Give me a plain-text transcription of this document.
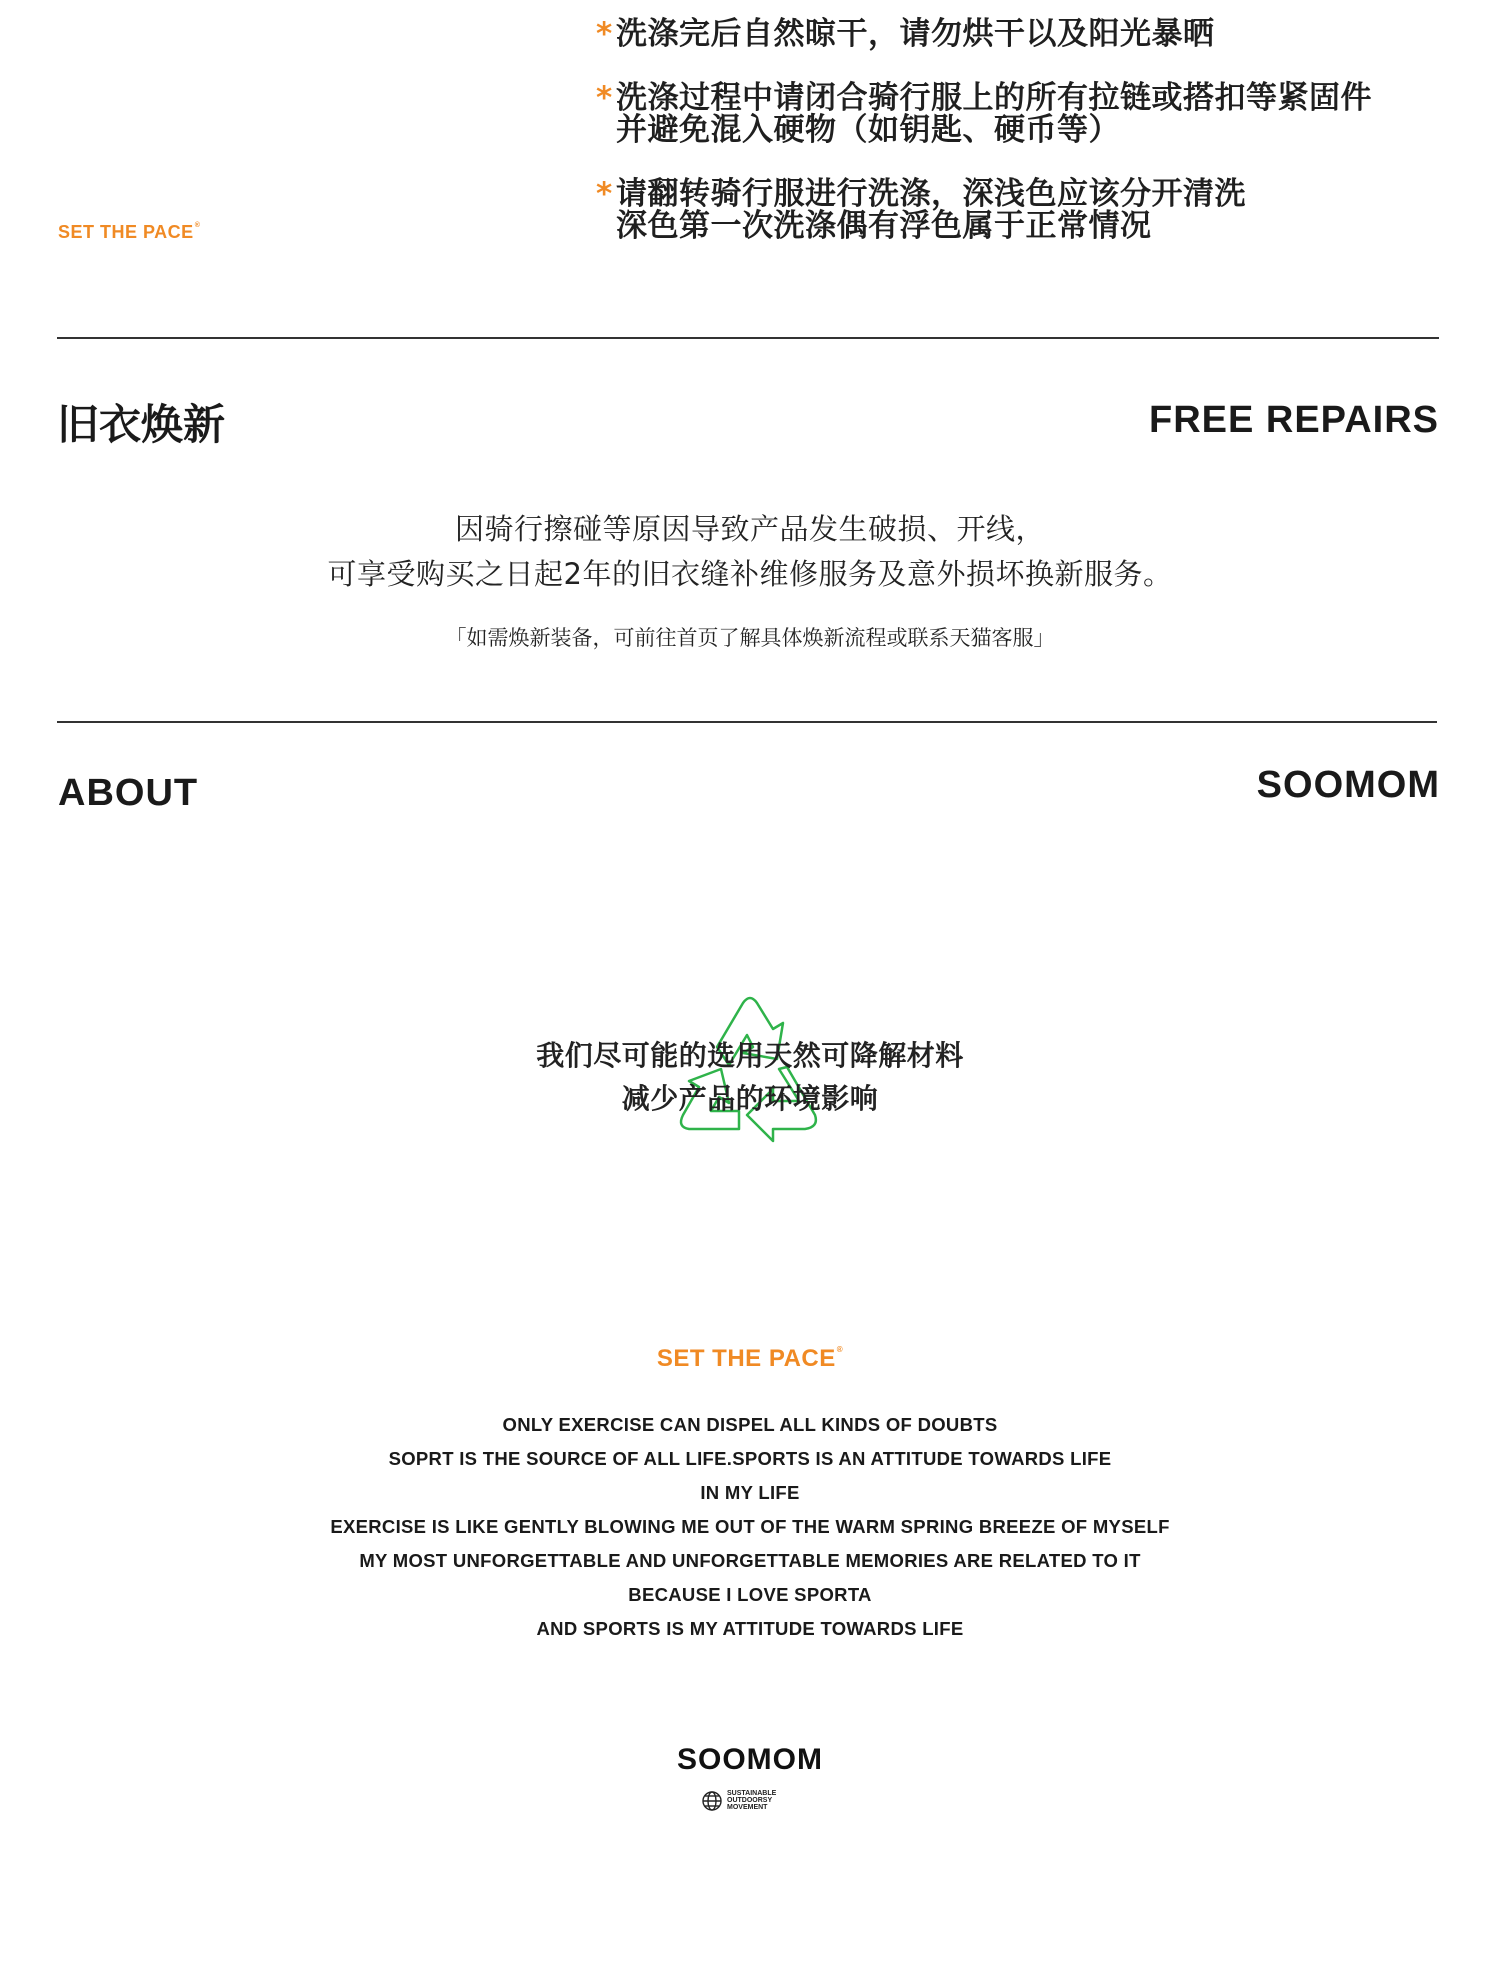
* 洗涤完后自然晾干，请勿烘干以及阳光暴晒
* 洗涤过程中请闭合骑行服上的所有拉链或搭扣等紧固件
并避免混入硬物（如钥匙、硬币等）
* 请翻转骑行服进行洗涤，深浅色应该分开清洗
深色第一次洗涤偶有浮色属于正常情况
SET THE PACE®
旧衣焕新	FREE REPAIRS
因骑行擦碰等原因导致产品发生破损、开线，
可享受购买之日起2年的旧衣缝补维修服务及意外损坏换新服务。
「如需焕新装备，可前往首页了解具体焕新流程或联系天猫客服」
ABOUT	SOOMOM
我们尽可能的选用天然可降解材料
减少产品的环境影响
SET THE PACE®
ONLY EXERCISE CAN DISPEL ALL KINDS OF DOUBTS
SOPRT IS THE SOURCE OF ALL LIFE.SPORTS IS AN ATTITUDE TOWARDS LIFE
IN MY LIFE
EXERCISE IS LIKE GENTLY BLOWING ME OUT OF THE WARM SPRING BREEZE OF MYSELF
MY MOST UNFORGETTABLE AND UNFORGETTABLE MEMORIES ARE RELATED TO IT
BECAUSE I LOVE SPORTA
AND SPORTS IS MY ATTITUDE TOWARDS LIFE
SOOMOM
SUSTAINABLE
OUTDOORSY
MOVEMENT
